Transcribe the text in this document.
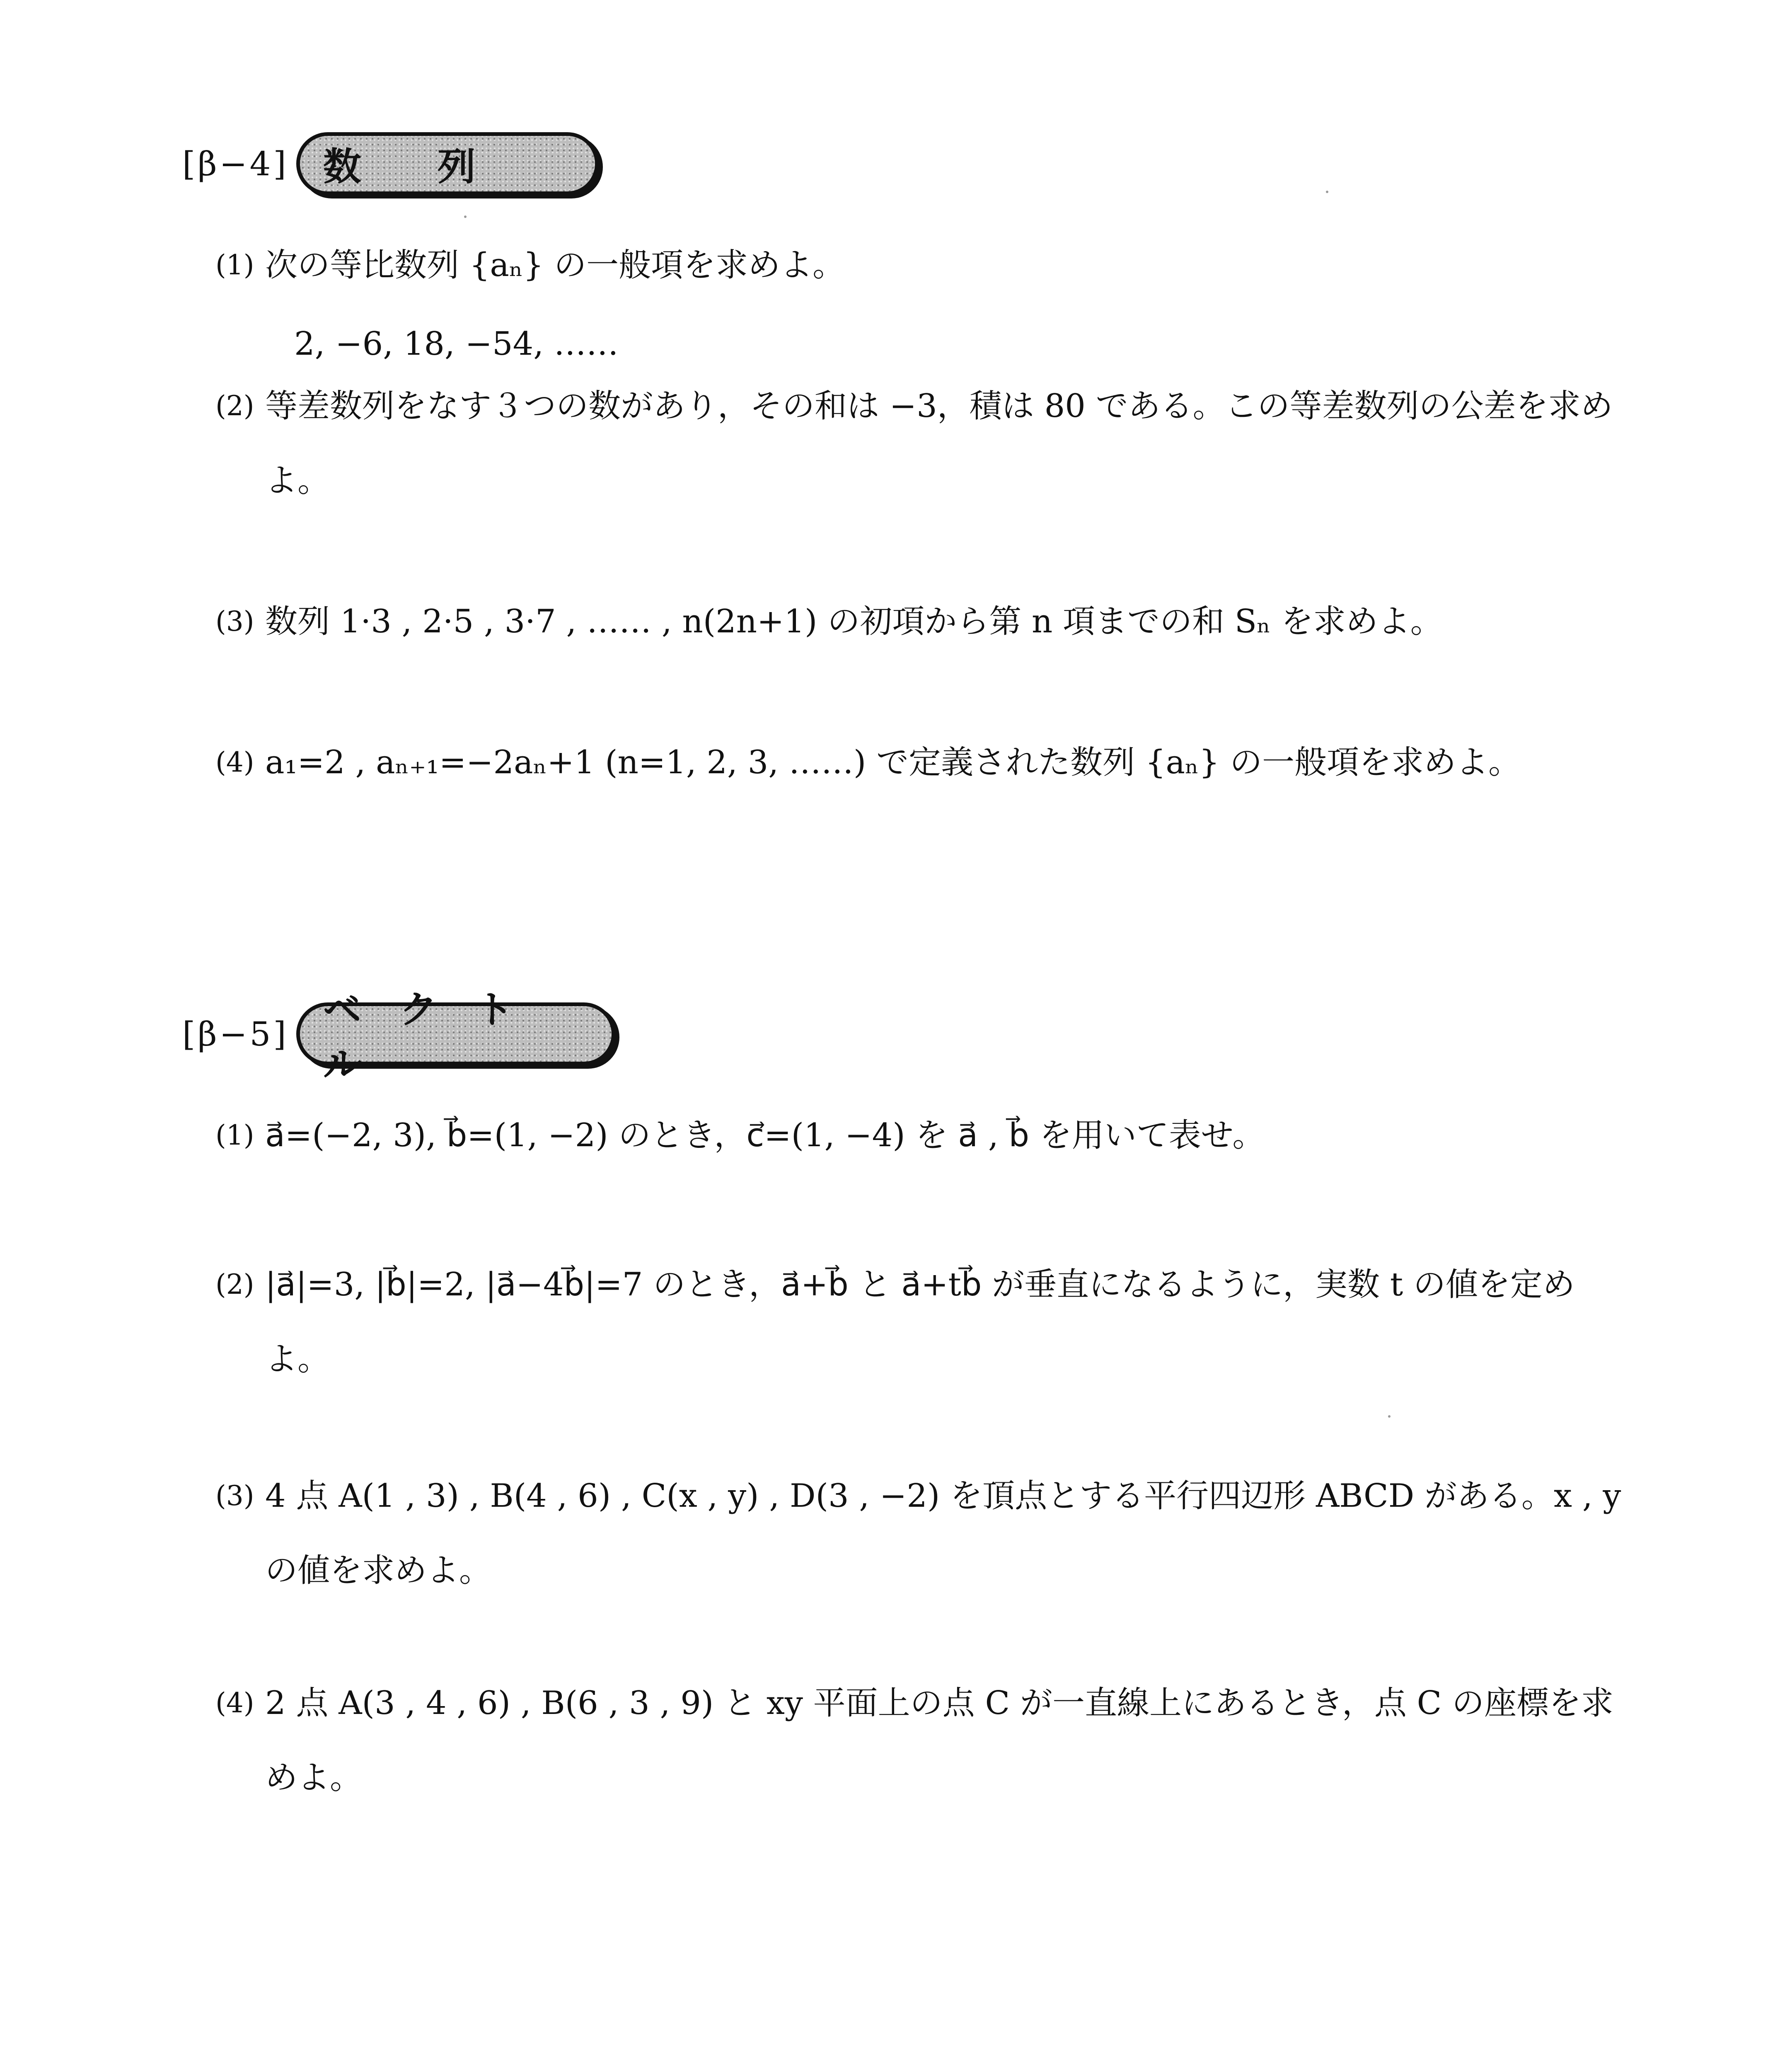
[β−4] 数　　列
(1) 次の等比数列 {aₙ} の一般項を求めよ。
2, −6, 18, −54, ……
(2) 等差数列をなす３つの数があり，その和は −3，積は 80 である。この等差数列の公差を求めよ。
(3) 数列 1·3 , 2·5 , 3·7 , …… , n(2n+1) の初項から第 n 項までの和 Sₙ を求めよ。
(4) a₁=2 , aₙ₊₁=−2aₙ+1 (n=1, 2, 3, ……) で定義された数列 {aₙ} の一般項を求めよ。
[β−5]
ベ　ク　ト　ル
(1) a⃗=(−2, 3), b⃗=(1, −2) のとき，c⃗=(1, −4) を a⃗ , b⃗ を用いて表せ。
(2) |a⃗|=3, |b⃗|=2, |a⃗−4b⃗|=7 のとき，a⃗+b⃗ と a⃗+tb⃗ が垂直になるように，実数 t の値を定めよ。
(3) 4 点 A(1 , 3) , B(4 , 6) , C(x , y) , D(3 , −2) を頂点とする平行四辺形 ABCD がある。x , y の値を求めよ。
(4) 2 点 A(3 , 4 , 6) , B(6 , 3 , 9) と xy 平面上の点 C が一直線上にあるとき，点 C の座標を求めよ。
